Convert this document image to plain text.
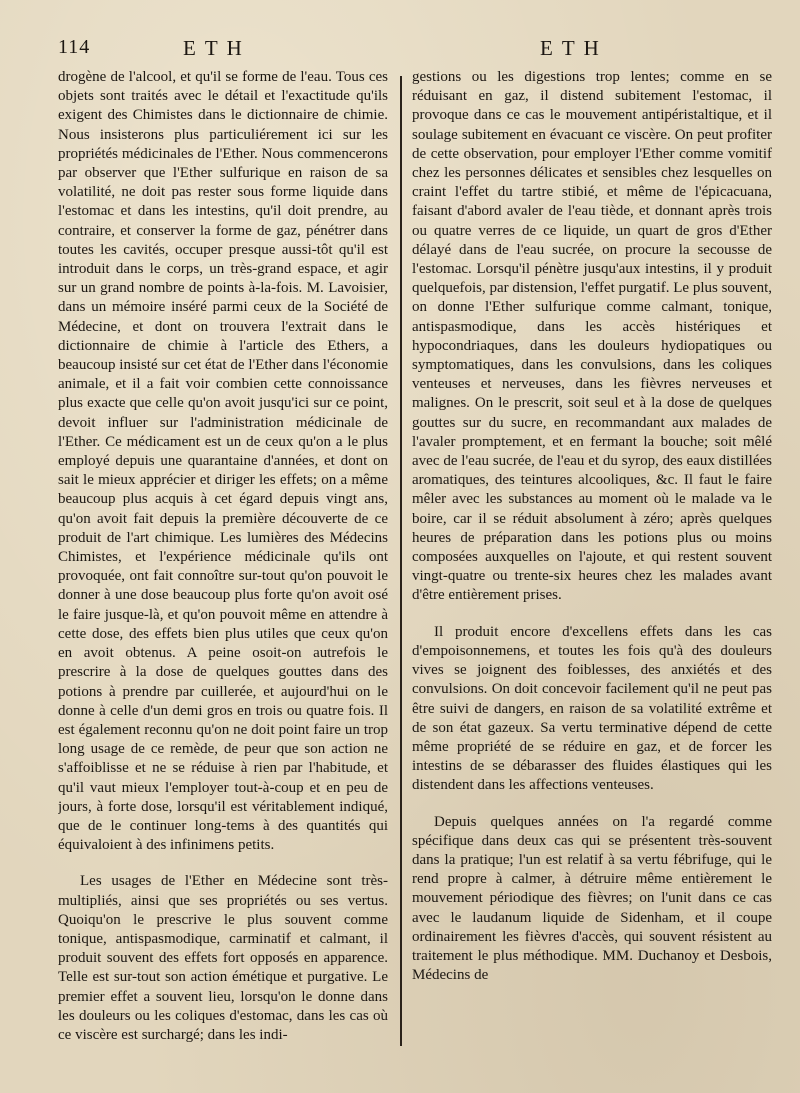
114	ETH	ETH

drogène de l'alcool, et qu'il se forme de l'eau. Tous ces objets sont traités avec le détail et l'exactitude qu'ils exigent des Chimistes dans le dictionnaire de chimie. Nous insisterons plus particuliérement ici sur les propriétés médicinales de l'Ether. Nous commencerons par observer que l'Ether sulfurique en raison de sa volatilité, ne doit pas rester sous forme liquide dans l'estomac et dans les intestins, qu'il doit prendre, au contraire, et conserver la forme de gaz, pénétrer dans toutes les cavités, occuper presque aussi-tôt qu'il est introduit dans le corps, un très-grand espace, et agir sur un grand nombre de points à-la-fois. M. Lavoisier, dans un mémoire inséré parmi ceux de la Société de Médecine, et dont on trouvera l'extrait dans le dictionnaire de chimie à l'article des Ethers, a beaucoup insisté sur cet état de l'Ether dans l'économie animale, et il a fait voir combien cette connoissance plus exacte que celle qu'on avoit jusqu'ici sur ce point, devoit influer sur l'administration médicinale de l'Ether. Ce médicament est un de ceux qu'on a le plus employé depuis une quarantaine d'années, et dont on sait le mieux apprécier et diriger les effets; on a même beaucoup plus acquis à cet égard depuis vingt ans, qu'on avoit fait depuis la première découverte de ce produit de l'art chimique. Les lumières des Médecins Chimistes, et l'expérience médicinale qu'ils ont provoquée, ont fait connoître sur-tout qu'on pouvoit le donner à une dose beaucoup plus forte qu'on avoit osé le faire jusque-là, et qu'on pouvoit même en attendre à cette dose, des effets bien plus utiles que ceux qu'on en avoit obtenus. A peine osoit-on autrefois le prescrire à la dose de quelques gouttes dans des potions à prendre par cuillerée, et aujourd'hui on le donne à celle d'un demi gros en trois ou quatre fois. Il est également reconnu qu'on ne doit point faire un trop long usage de ce remède, de peur que son action ne s'affoiblisse et ne se réduise à rien par l'habitude, et qu'il vaut mieux l'employer tout-à-coup et en peu de jours, à forte dose, lorsqu'il est véritablement indiqué, que de le continuer long-tems à des quantités qui équivaloient à des infinimens petits.

Les usages de l'Ether en Médecine sont très-multipliés, ainsi que ses propriétés ou ses vertus. Quoiqu'on le prescrive le plus souvent comme tonique, antispasmodique, carminatif et calmant, il produit souvent des effets fort opposés en apparence. Telle est sur-tout son action émétique et purgative. Le premier effet a souvent lieu, lorsqu'on le donne dans les douleurs ou les coliques d'estomac, dans les cas où ce viscère est surchargé; dans les indi-

gestions ou les digestions trop lentes; comme en se réduisant en gaz, il distend subitement l'estomac, il provoque dans ce cas le mouvement antipéristaltique, et il soulage subitement en évacuant ce viscère. On peut profiter de cette observation, pour employer l'Ether comme vomitif chez les personnes délicates et sensibles chez lesquelles on craint l'effet du tartre stibié, et même de l'épicacuana, faisant d'abord avaler de l'eau tiède, et donnant après trois ou quatre verres de ce liquide, un quart de gros d'Ether délayé dans de l'eau sucrée, on procure la secousse de l'estomac. Lorsqu'il pénètre jusqu'aux intestins, il y produit quelquefois, par distension, l'effet purgatif. Le plus souvent, on donne l'Ether sulfurique comme calmant, tonique, antispasmodique, dans les accès histériques et hypocondriaques, dans les douleurs hydiopatiques ou symptomatiques, dans les convulsions, dans les coliques venteuses et nerveuses, dans les fièvres nerveuses et malignes. On le prescrit, soit seul et à la dose de quelques gouttes sur du sucre, en recommandant aux malades de l'avaler promptement, et en fermant la bouche; soit mêlé avec de l'eau sucrée, de l'eau et du syrop, des eaux distillées aromatiques, des teintures alcooliques, &c. Il faut le faire mêler avec les substances au moment où le malade va le boire, car il se réduit absolument à zéro; après quelques heures de préparation dans les potions plus ou moins composées auxquelles on l'ajoute, et qui restent souvent vingt-quatre ou trente-six heures chez les malades avant d'être entièrement prises.

Il produit encore d'excellens effets dans les cas d'empoisonnemens, et toutes les fois qu'à des douleurs vives se joignent des foiblesses, des anxiétés et des convulsions. On doit concevoir facilement qu'il ne peut pas être suivi de dangers, en raison de sa volatilité extrême et de son état gazeux. Sa vertu terminative dépend de cette même propriété de se réduire en gaz, et de forcer les intestins de se débarasser des fluides élastiques qui les distendent dans les affections venteuses.

Depuis quelques années on l'a regardé comme spécifique dans deux cas qui se présentent très-souvent dans la pratique; l'un est relatif à sa vertu fébrifuge, qui le rend propre à calmer, à détruire même entièrement le mouvement périodique des fièvres; on l'unit dans ce cas avec le laudanum liquide de Sidenham, et il coupe ordinairement les fièvres d'accès, qui souvent résistent au traitement le plus méthodique. MM. Duchanoy et Desbois, Médecins de
